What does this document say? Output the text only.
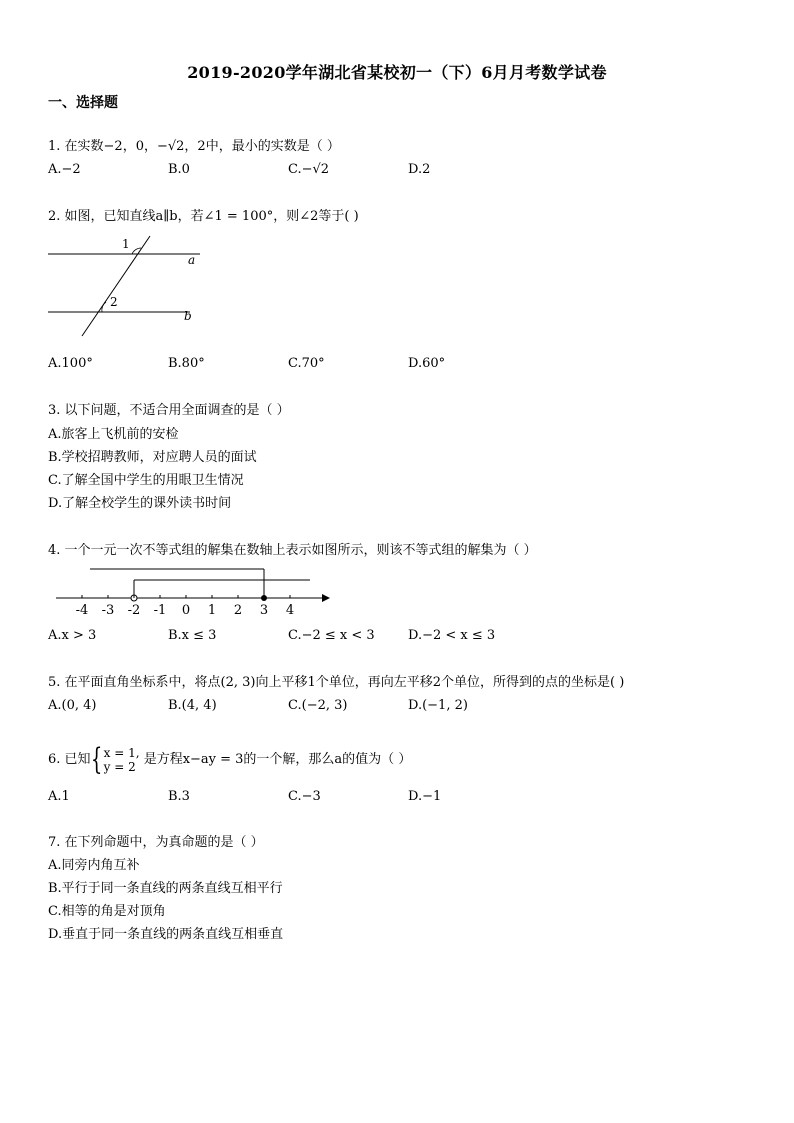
2019-2020学年湖北省某校初一（下）6月月考数学试卷
一、选择题
1. 在实数−2，0，−√2，2中，最小的实数是（ ）
A.−2	B.0	C.−√2	D.2
2. 如图，已知直线a∥b，若∠1 = 100°，则∠2等于( )
a
b
1
2
A.100°	B.80°	C.70°	D.60°
3. 以下问题，不适合用全面调查的是（ ）
A.旅客上飞机前的安检
B.学校招聘教师，对应聘人员的面试
C.了解全国中学生的用眼卫生情况
D.了解全校学生的课外读书时间
4. 一个一元一次不等式组的解集在数轴上表示如图所示，则该不等式组的解集为（ ）
-4 -3 -2 -1 0 1 2 3 4
A.x > 3	B.x ≤ 3	C.−2 ≤ x < 3	D.−2 < x ≤ 3
5. 在平面直角坐标系中，将点(2, 3)向上平移1个单位，再向左平移2个单位，所得到的点的坐标是( )
A.(0, 4)	B.(4, 4)	C.(−2, 3)	D.(−1, 2)
6. 已知{ x = 1,
y = 2 是方程x−ay = 3的一个解，那么a的值为（ ）
A.1	B.3	C.−3	D.−1
7. 在下列命题中，为真命题的是（ ）
A.同旁内角互补
B.平行于同一条直线的两条直线互相平行
C.相等的角是对顶角
D.垂直于同一条直线的两条直线互相垂直
